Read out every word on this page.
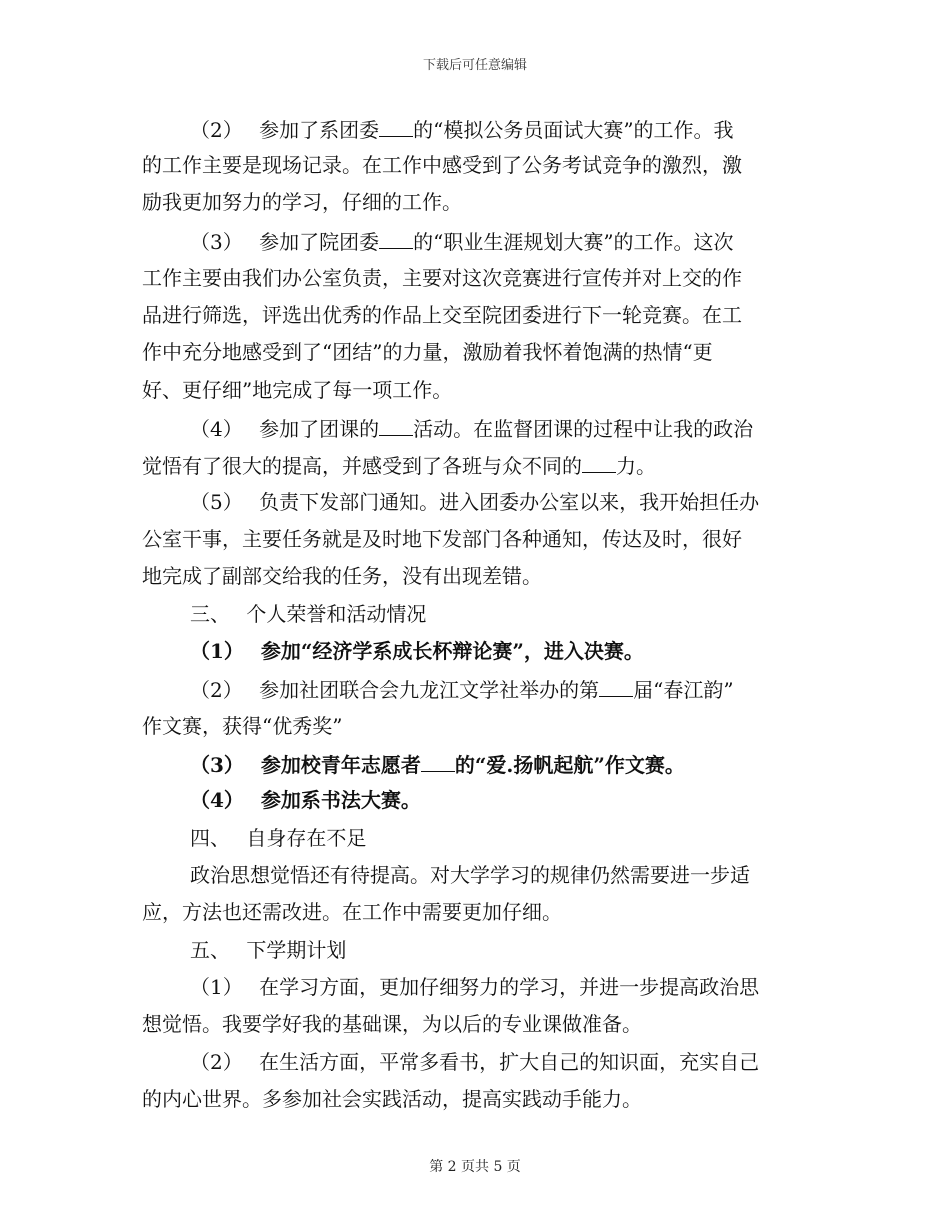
下载后可任意编辑
（2）　 参加了系团委 的“模拟公务员面试大赛”的工作。我
的工作主要是现场记录。在工作中感受到了公务考试竞争的激烈，激
励我更加努力的学习，仔细的工作。
（3）　 参加了院团委 的“职业生涯规划大赛”的工作。这次
工作主要由我们办公室负责，主要对这次竞赛进行宣传并对上交的作
品进行筛选，评选出优秀的作品上交至院团委进行下一轮竞赛。在工
作中充分地感受到了“团结”的力量，激励着我怀着饱满的热情“更
好、更仔细”地完成了每一项工作。
（4）　 参加了团课的 活动。在监督团课的过程中让我的政治
觉悟有了很大的提高，并感受到了各班与众不同的 力。
（5）　 负责下发部门通知。进入团委办公室以来，我开始担任办
公室干事，主要任务就是及时地下发部门各种通知，传达及时，很好
地完成了副部交给我的任务，没有出现差错。
三、　 个人荣誉和活动情况
（1）　 参加“经济学系成长杯辩论赛”，进入决赛。
（2）　 参加社团联合会九龙江文学社举办的第 届“春江韵”
作文赛，获得“优秀奖”
（3）　 参加校青年志愿者 的“爱.扬帆起航”作文赛。
（4）　 参加系书法大赛。
四、　 自身存在不足
政治思想觉悟还有待提高。对大学学习的规律仍然需要进一步适
应，方法也还需改进。在工作中需要更加仔细。
五、　 下学期计划
（1）　 在学习方面，更加仔细努力的学习，并进一步提高政治思
想觉悟。我要学好我的基础课，为以后的专业课做准备。
（2）　 在生活方面，平常多看书，扩大自己的知识面，充实自己
的内心世界。多参加社会实践活动，提高实践动手能力。
第 2 页共 5 页
